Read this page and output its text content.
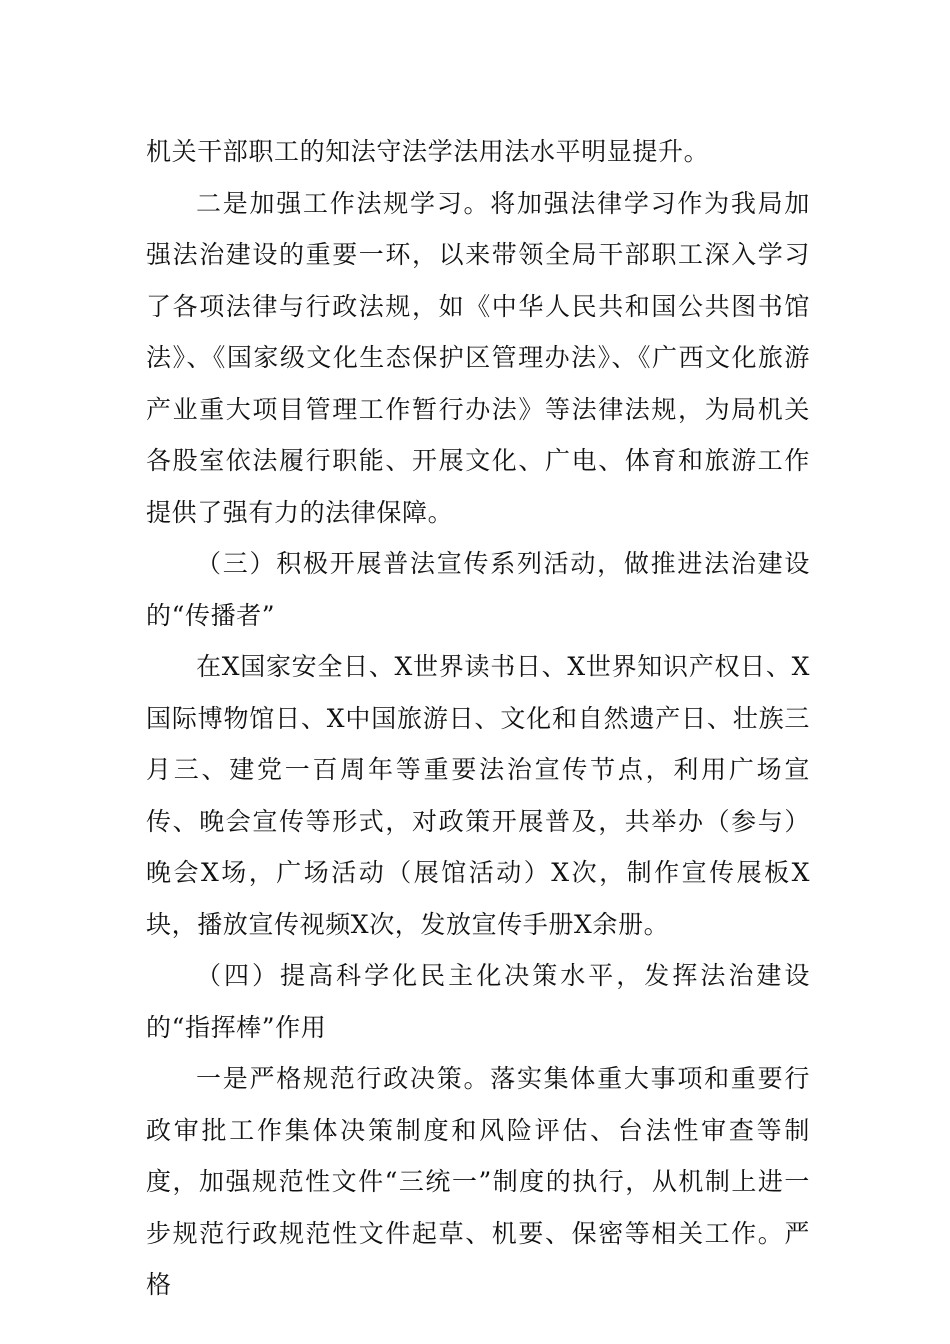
机关干部职工的知法守法学法用法水平明显提升。

二是加强工作法规学习。将加强法律学习作为我局加强法治建设的重要一环，以来带领全局干部职工深入学习了各项法律与行政法规，如《中华人民共和国公共图书馆法》、《国家级文化生态保护区管理办法》、《广西文化旅游产业重大项目管理工作暂行办法》等法律法规，为局机关各股室依法履行职能、开展文化、广电、体育和旅游工作提供了强有力的法律保障。

（三）积极开展普法宣传系列活动，做推进法治建设的“传播者”

在X国家安全日、X世界读书日、X世界知识产权日、X国际博物馆日、X中国旅游日、文化和自然遗产日、壮族三月三、建党一百周年等重要法治宣传节点，利用广场宣传、晚会宣传等形式，对政策开展普及，共举办（参与）晚会X场，广场活动（展馆活动）X次，制作宣传展板X块，播放宣传视频X次，发放宣传手册X余册。

（四）提高科学化民主化决策水平，发挥法治建设的“指挥棒”作用

一是严格规范行政决策。落实集体重大事项和重要行政审批工作集体决策制度和风险评估、台法性审查等制度，加强规范性文件“三统一”制度的执行，从机制上进一步规范行政规范性文件起草、机要、保密等相关工作。严格
